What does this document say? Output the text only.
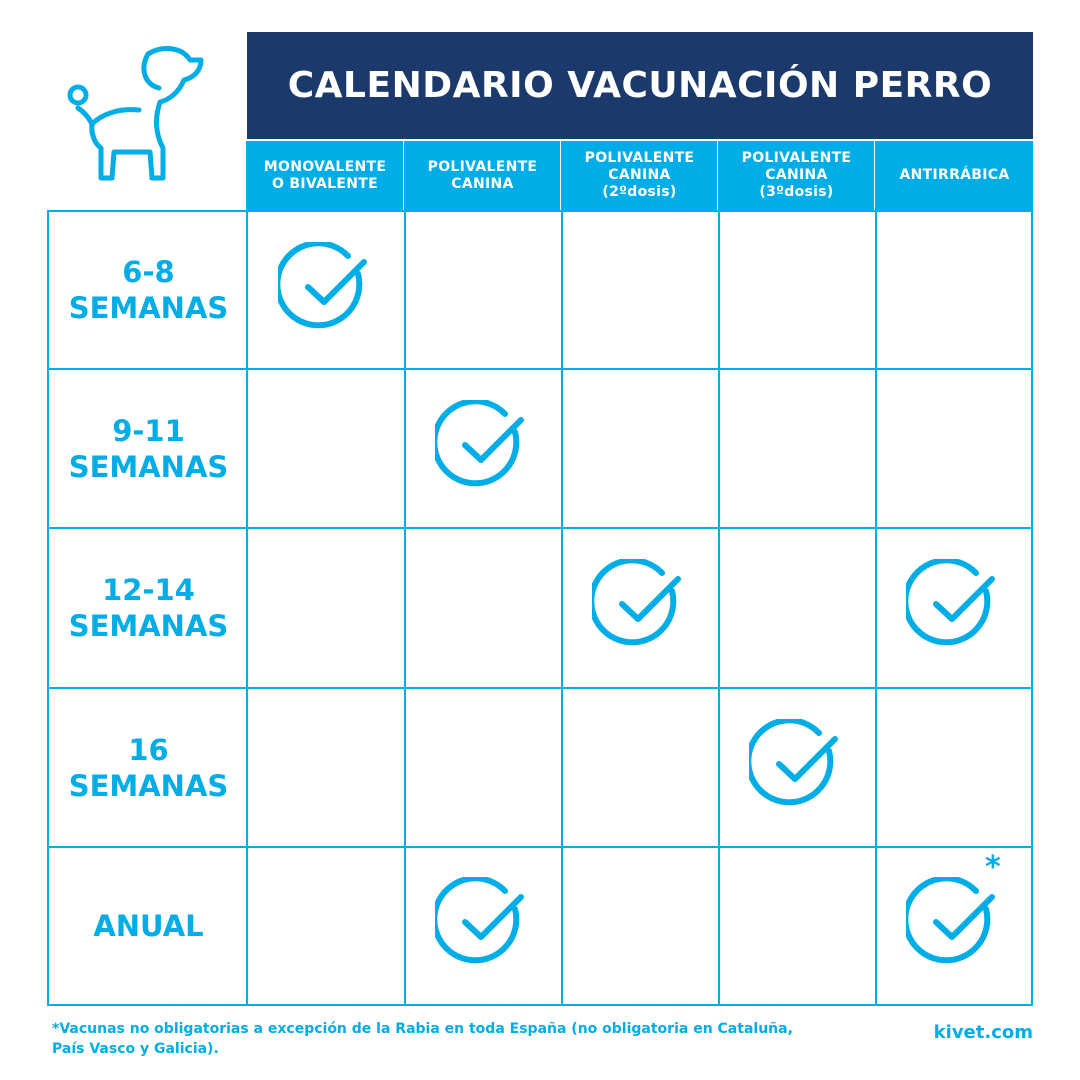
CALENDARIO VACUNACIÓN PERRO
MONOVALENTE
O BIVALENTE
POLIVALENTE
CANINA
POLIVALENTE
CANINA
(2ºdosis)
POLIVALENTE
CANINA
(3ºdosis)
ANTIRRÁBICA
6-8
SEMANAS
9-11
SEMANAS
12-14
SEMANAS
16
SEMANAS
ANUAL
*
*Vacunas no obligatorias a excepción de la Rabia en toda España (no obligatoria en Cataluña,
País Vasco y Galicia).
kivet.com
